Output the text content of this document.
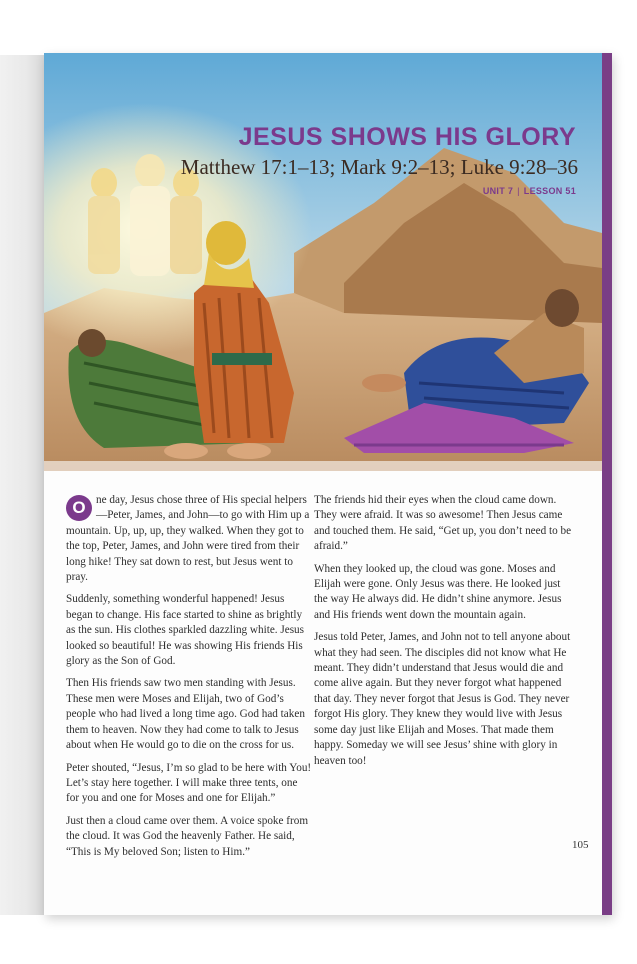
JESUS SHOWS HIS GLORY
Matthew 17:1–13; Mark 9:2–13; Luke 9:28–36
UNIT 7 | LESSON 51

O ne day, Jesus chose three of His special helpers—Peter, James, and John—to go with Him up a mountain. Up, up, up, they walked. When they got to the top, Peter, James, and John were tired from their long hike! They sat down to rest, but Jesus went to pray.

Suddenly, something wonderful happened! Jesus began to change. His face started to shine as brightly as the sun. His clothes sparkled dazzling white. Jesus looked so beautiful! He was showing His friends His glory as the Son of God.

Then His friends saw two men standing with Jesus. These men were Moses and Elijah, two of God’s people who had lived a long time ago. God had taken them to heaven. Now they had come to talk to Jesus about when He would go to die on the cross for us.

Peter shouted, “Jesus, I’m so glad to be here with You! Let’s stay here together. I will make three tents, one for you and one for Moses and one for Elijah.”

Just then a cloud came over them. A voice spoke from the cloud. It was God the heavenly Father. He said, “This is My beloved Son; listen to Him.”

The friends hid their eyes when the cloud came down. They were afraid. It was so awesome! Then Jesus came and touched them. He said, “Get up, you don’t need to be afraid.”

When they looked up, the cloud was gone. Moses and Elijah were gone. Only Jesus was there. He looked just the way He always did. He didn’t shine anymore. Jesus and His friends went down the mountain again.

Jesus told Peter, James, and John not to tell anyone about what they had seen. The disciples did not know what He meant. They didn’t understand that Jesus would die and come alive again. But they never forgot what happened that day. They never forgot that Jesus is God. They never forgot His glory. They knew they would live with Jesus some day just like Elijah and Moses. That made them happy. Someday we will see Jesus’ shine with glory in heaven too!

105
